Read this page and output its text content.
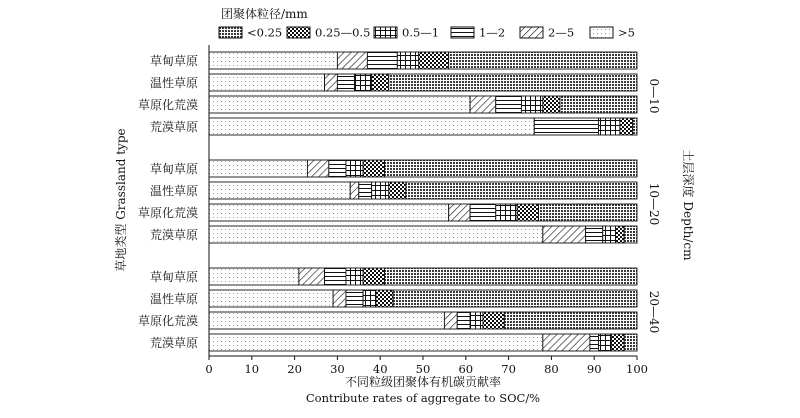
团聚体粒径/mm
<0.25	0.25—0.5	0.5—1	1—2	2—5	>5
0	10 20 30 40 50 60 70 80 90 100
草甸草原
温性草原
草原化荒漠
荒漠草原
草甸草原
温性草原
草原化荒漠
荒漠草原
草甸草原
温性草原
草原化荒漠
荒漠草原
0—10
10—20
20—40
不同粒级团聚体有机碳贡献率
Contribute rates of aggregate to SOC/%
草地类型 Grassland type	土层深度 Depth/cm
